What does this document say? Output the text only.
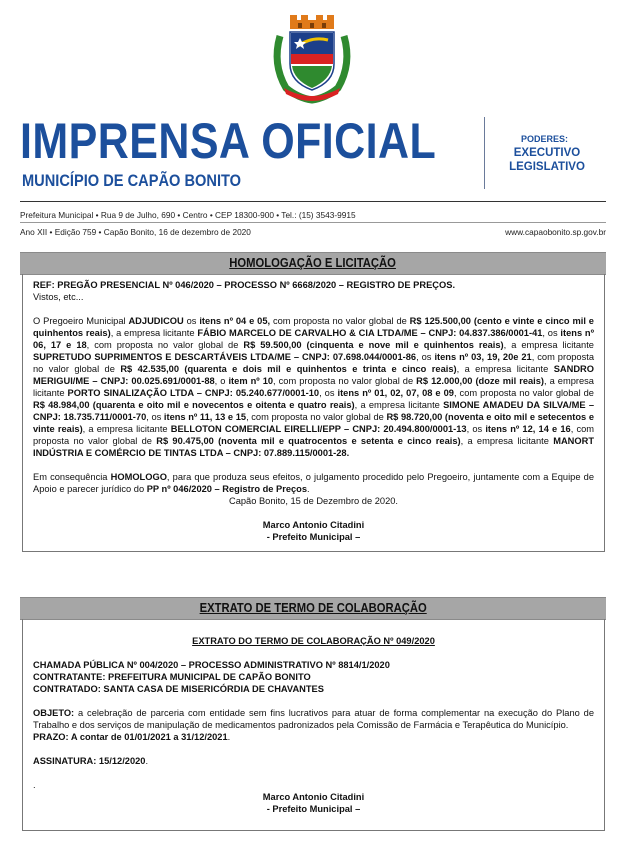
IMPRENSA OFICIAL
MUNICÍPIO DE CAPÃO BONITO
PODERES:
EXECUTIVO
LEGISLATIVO
Prefeitura Municipal • Rua 9 de Julho, 690 • Centro • CEP 18300-900 • Tel.: (15) 3543-9915
Ano XII • Edição 759 • Capão Bonito, 16 de dezembro de 2020	www.capaobonito.sp.gov.br
HOMOLOGAÇÃO E LICITAÇÃO

REF: PREGÃO PRESENCIAL Nº 046/2020 – PROCESSO Nº 6668/2020 – REGISTRO DE PREÇOS.

Vistos, etc...

O Pregoeiro Municipal ADJUDICOU os itens nº 04 e 05, com proposta no valor global de R$ 125.500,00 (cento e vinte e cinco mil e quinhentos reais), a empresa licitante FÁBIO MARCELO DE CARVALHO & CIA LTDA/ME – CNPJ: 04.837.386/0001-41, os itens nº 06, 17 e 18, com proposta no valor global de R$ 59.500,00 (cinquenta e nove mil e quinhentos reais), a empresa licitante SUPRETUDO SUPRIMENTOS E DESCARTÁVEIS LTDA/ME – CNPJ: 07.698.044/0001-86, os itens nº 03, 19, 20e 21, com proposta no valor global de R$ 42.535,00 (quarenta e dois mil e quinhentos e trinta e cinco reais), a empresa licitante SANDRO MERIGUI/ME – CNPJ: 00.025.691/0001-88, o item nº 10, com proposta no valor global de R$ 12.000,00 (doze mil reais), a empresa licitante PORTO SINALIZAÇÃO LTDA – CNPJ: 05.240.677/0001-10, os itens nº 01, 02, 07, 08 e 09, com proposta no valor global de R$ 48.984,00 (quarenta e oito mil e novecentos e oitenta e quatro reais), a empresa licitante SIMONE AMADEU DA SILVA/ME – CNPJ: 18.735.711/0001-70, os itens nº 11, 13 e 15, com proposta no valor global de R$ 98.720,00 (noventa e oito mil e setecentos e vinte reais), a empresa licitante BELLOTON COMERCIAL EIRELLI/EPP – CNPJ: 20.494.800/0001-13, os itens nº 12, 14 e 16, com proposta no valor global de R$ 90.475,00 (noventa mil e quatrocentos e setenta e cinco reais), a empresa licitante MANORT INDÚSTRIA E COMÉRCIO DE TINTAS LTDA – CNPJ: 07.889.115/0001-28.

Em consequência HOMOLOGO, para que produza seus efeitos, o julgamento procedido pelo Pregoeiro, juntamente com a Equipe de Apoio e parecer jurídico do PP nº 046/2020 – Registro de Preços.

Capão Bonito, 15 de Dezembro de 2020.

Marco Antonio Citadini

- Prefeito Municipal –

EXTRATO DE TERMO DE COLABORAÇÃO

EXTRATO DO TERMO DE COLABORAÇÃO Nº 049/2020

CHAMADA PÚBLICA Nº 004/2020 – PROCESSO ADMINISTRATIVO Nº 8814/1/2020

CONTRATANTE: PREFEITURA MUNICIPAL DE CAPÃO BONITO

CONTRATADO: SANTA CASA DE MISERICÓRDIA DE CHAVANTES

OBJETO: a celebração de parceria com entidade sem fins lucrativos para atuar de forma complementar na execução do Plano de Trabalho e dos serviços de manipulação de medicamentos padronizados pela Comissão de Farmácia e Terapêutica do Município.

PRAZO: A contar de 01/01/2021 a 31/12/2021.

ASSINATURA: 15/12/2020.

.

Marco Antonio Citadini

- Prefeito Municipal –
